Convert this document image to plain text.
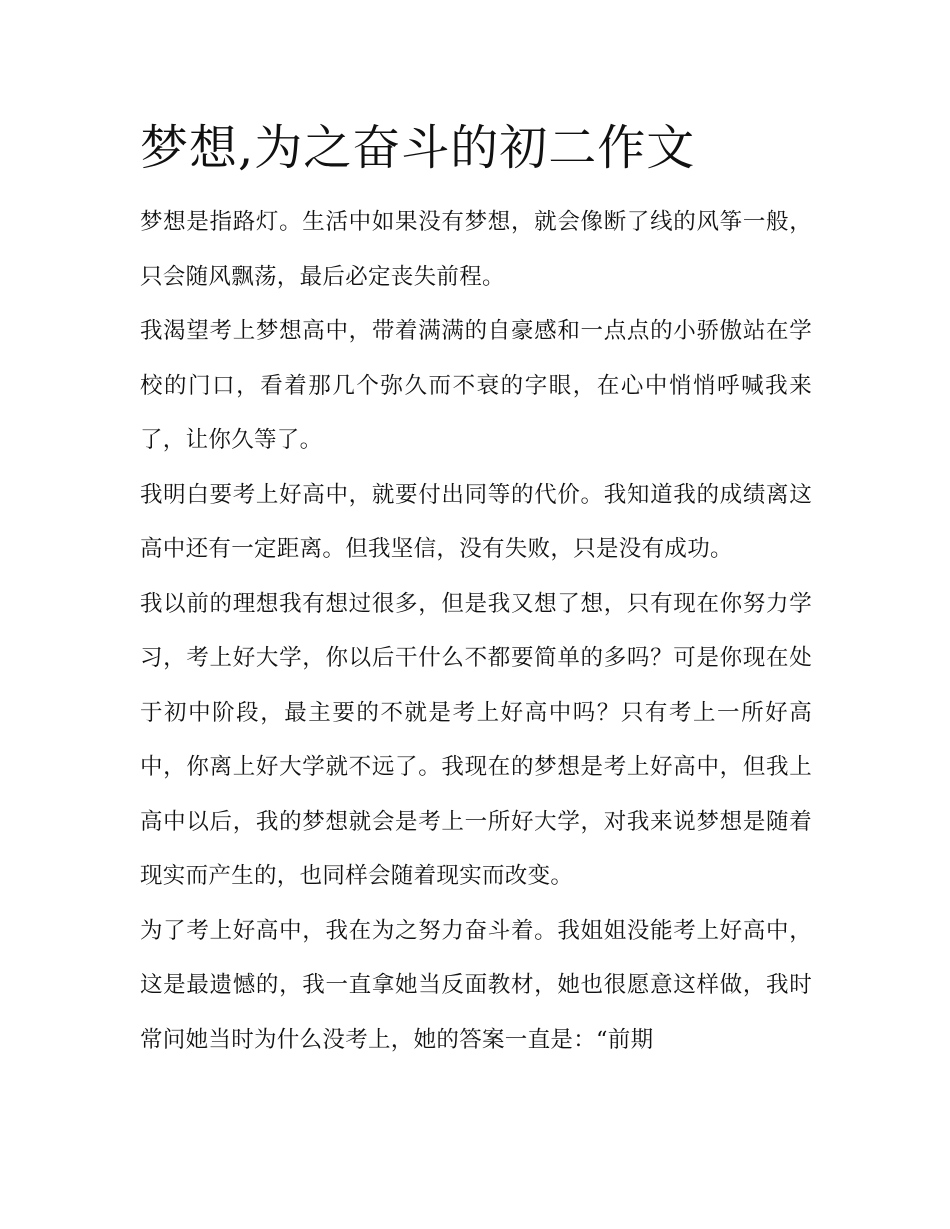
梦想,为之奋斗的初二作文

梦想是指路灯。生活中如果没有梦想，就会像断了线的风筝一般，只会随风飘荡，最后必定丧失前程。

我渴望考上梦想高中，带着满满的自豪感和一点点的小骄傲站在学校的门口，看着那几个弥久而不衰的字眼，在心中悄悄呼喊我来了，让你久等了。

我明白要考上好高中，就要付出同等的代价。我知道我的成绩离这高中还有一定距离。但我坚信，没有失败，只是没有成功。

我以前的理想我有想过很多，但是我又想了想，只有现在你努力学习，考上好大学，你以后干什么不都要简单的多吗？可是你现在处于初中阶段，最主要的不就是考上好高中吗？只有考上一所好高中，你离上好大学就不远了。我现在的梦想是考上好高中，但我上高中以后，我的梦想就会是考上一所好大学，对我来说梦想是随着现实而产生的，也同样会随着现实而改变。

为了考上好高中，我在为之努力奋斗着。我姐姐没能考上好高中，这是最遗憾的，我一直拿她当反面教材，她也很愿意这样做，我时常问她当时为什么没考上，她的答案一直是：“前期
